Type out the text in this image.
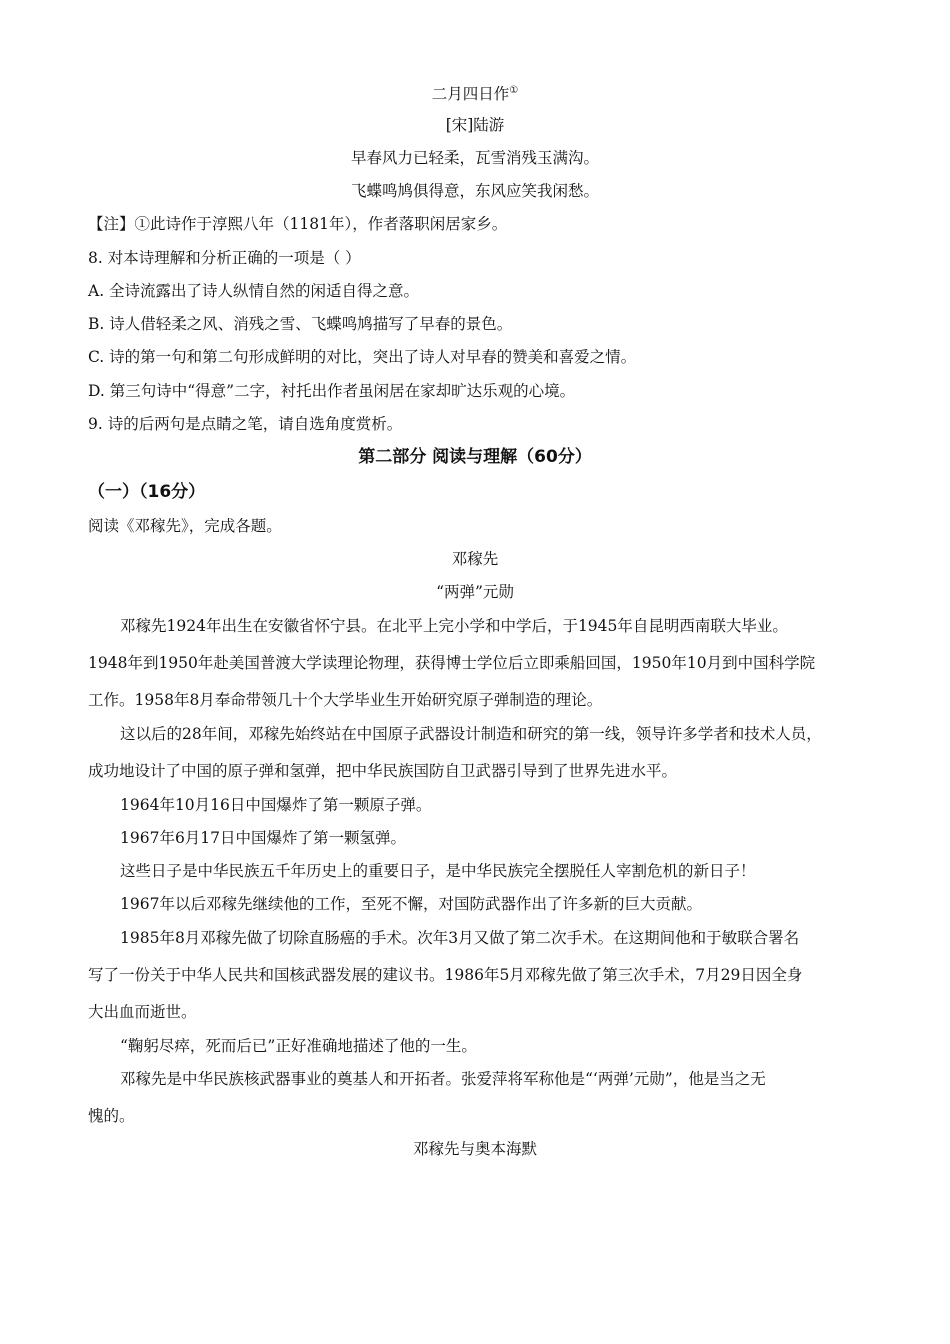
二月四日作①
[宋]陆游
早春风力已轻柔，瓦雪消残玉满沟。
飞蝶鸣鸠俱得意，东风应笑我闲愁。
【注】①此诗作于淳熙八年（1181年），作者落职闲居家乡。
8. 对本诗理解和分析正确的一项是（ ）
A. 全诗流露出了诗人纵情自然的闲适自得之意。
B. 诗人借轻柔之风、消残之雪、飞蝶鸣鸠描写了早春的景色。
C. 诗的第一句和第二句形成鲜明的对比，突出了诗人对早春的赞美和喜爱之情。
D. 第三句诗中“得意”二字，衬托出作者虽闲居在家却旷达乐观的心境。
9. 诗的后两句是点睛之笔，请自选角度赏析。
第二部分 阅读与理解（60分）
（一）（16分）
阅读《邓稼先》，完成各题。
邓稼先
“两弹”元勋
邓稼先1924年出生在安徽省怀宁县。在北平上完小学和中学后，于1945年自昆明西南联大毕业。
1948年到1950年赴美国普渡大学读理论物理，获得博士学位后立即乘船回国，1950年10月到中国科学院
工作。1958年8月奉命带领几十个大学毕业生开始研究原子弹制造的理论。
这以后的28年间，邓稼先始终站在中国原子武器设计制造和研究的第一线，领导许多学者和技术人员，
成功地设计了中国的原子弹和氢弹，把中华民族国防自卫武器引导到了世界先进水平。
1964年10月16日中国爆炸了第一颗原子弹。
1967年6月17日中国爆炸了第一颗氢弹。
这些日子是中华民族五千年历史上的重要日子，是中华民族完全摆脱任人宰割危机的新日子！
1967年以后邓稼先继续他的工作，至死不懈，对国防武器作出了许多新的巨大贡献。
1985年8月邓稼先做了切除直肠癌的手术。次年3月又做了第二次手术。在这期间他和于敏联合署名
写了一份关于中华人民共和国核武器发展的建议书。1986年5月邓稼先做了第三次手术，7月29日因全身
大出血而逝世。
“鞠躬尽瘁，死而后已”正好准确地描述了他的一生。
邓稼先是中华民族核武器事业的奠基人和开拓者。张爱萍将军称他是“‘两弹’元勋”，他是当之无
愧的。
邓稼先与奥本海默
